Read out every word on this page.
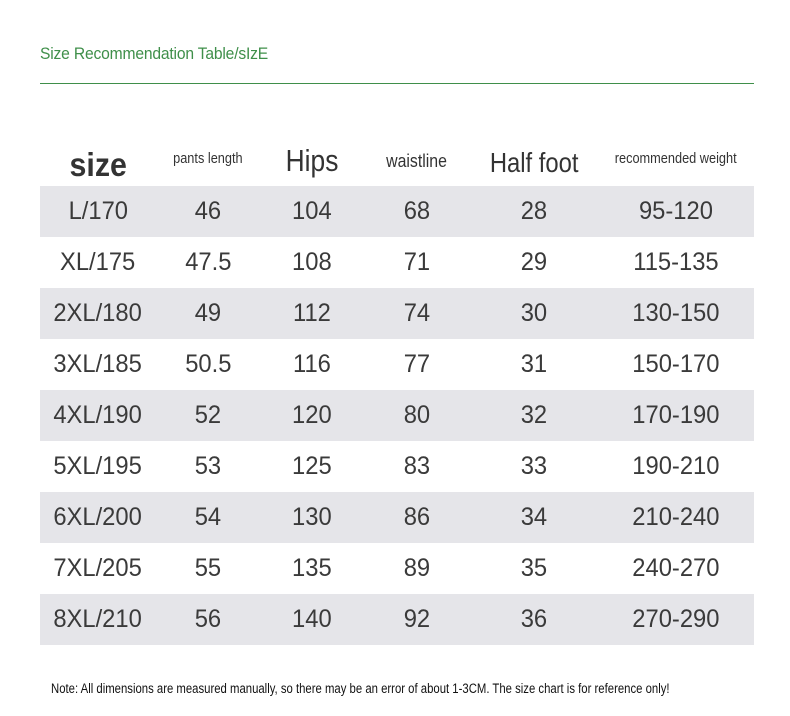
Size Recommendation Table/sIzE
size	pants length	Hips	waistline	Half foot	recommended weight
L/170	46	104	68	28	95-120
XL/175	47.5	108	71	29	115-135
2XL/180	49	112	74	30	130-150
3XL/185	50.5	116	77	31	150-170
4XL/190	52	120	80	32	170-190
5XL/195	53	125	83	33	190-210
6XL/200	54	130	86	34	210-240
7XL/205	55	135	89	35	240-270
8XL/210	56	140	92	36	270-290
Note: All dimensions are measured manually, so there may be an error of about 1-3CM. The size chart is for reference only!
